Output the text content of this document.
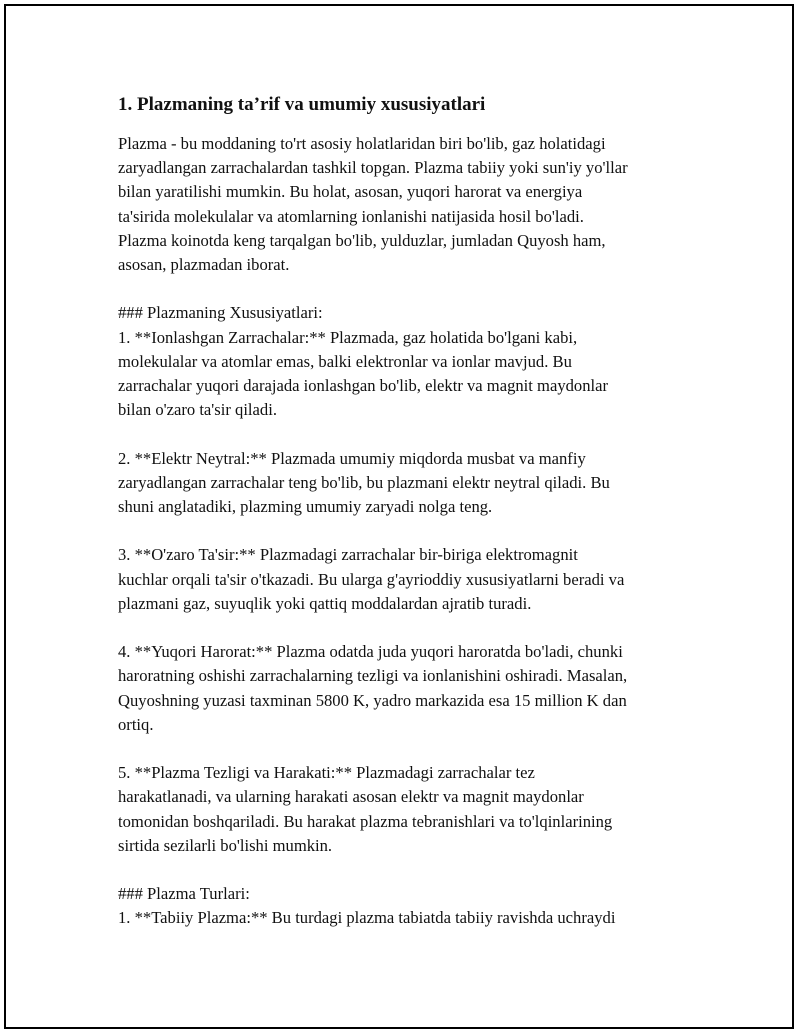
1. Plazmaning ta’rif va umumiy xususiyatlari

Plazma - bu moddaning to'rt asosiy holatlaridan biri bo'lib, gaz holatidagi
zaryadlangan zarrachalardan tashkil topgan. Plazma tabiiy yoki sun'iy yo'llar
bilan yaratilishi mumkin. Bu holat, asosan, yuqori harorat va energiya
ta'sirida molekulalar va atomlarning ionlanishi natijasida hosil bo'ladi.
Plazma koinotda keng tarqalgan bo'lib, yulduzlar, jumladan Quyosh ham,
asosan, plazmadan iborat.

### Plazmaning Xususiyatlari:

1. **Ionlashgan Zarrachalar:** Plazmada, gaz holatida bo'lgani kabi,
molekulalar va atomlar emas, balki elektronlar va ionlar mavjud. Bu
zarrachalar yuqori darajada ionlashgan bo'lib, elektr va magnit maydonlar
bilan o'zaro ta'sir qiladi.

2. **Elektr Neytral:** Plazmada umumiy miqdorda musbat va manfiy
zaryadlangan zarrachalar teng bo'lib, bu plazmani elektr neytral qiladi. Bu
shuni anglatadiki, plazming umumiy zaryadi nolga teng.

3. **O'zaro Ta'sir:** Plazmadagi zarrachalar bir-biriga elektromagnit
kuchlar orqali ta'sir o'tkazadi. Bu ularga g'ayrioddiy xususiyatlarni beradi va
plazmani gaz, suyuqlik yoki qattiq moddalardan ajratib turadi.

4. **Yuqori Harorat:** Plazma odatda juda yuqori haroratda bo'ladi, chunki
haroratning oshishi zarrachalarning tezligi va ionlanishini oshiradi. Masalan,
Quyoshning yuzasi taxminan 5800 K, yadro markazida esa 15 million K dan
ortiq.

5. **Plazma Tezligi va Harakati:** Plazmadagi zarrachalar tez
harakatlanadi, va ularning harakati asosan elektr va magnit maydonlar
tomonidan boshqariladi. Bu harakat plazma tebranishlari va to'lqinlarining
sirtida sezilarli bo'lishi mumkin.

### Plazma Turlari:

1. **Tabiiy Plazma:** Bu turdagi plazma tabiatda tabiiy ravishda uchraydi
